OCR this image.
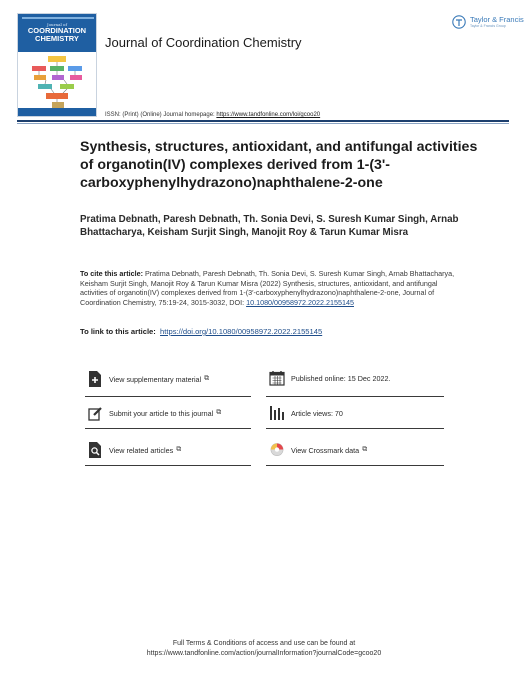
Journal of
COORDINATION
CHEMISTRY	Journal of Coordination Chemistry
Taylor & Francis
Taylor & Francis Group
ISSN: (Print) (Online) Journal homepage: https://www.tandfonline.com/loi/gcoo20
Synthesis, structures, antioxidant, and antifungal activities of organotin(IV) complexes derived from 1-(3'-carboxyphenylhydrazono)naphthalene-2-one
Pratima Debnath, Paresh Debnath, Th. Sonia Devi, S. Suresh Kumar Singh, Arnab Bhattacharya, Keisham Surjit Singh, Manojit Roy & Tarun Kumar Misra
To cite this article: Pratima Debnath, Paresh Debnath, Th. Sonia Devi, S. Suresh Kumar Singh, Arnab Bhattacharya, Keisham Surjit Singh, Manojit Roy & Tarun Kumar Misra (2022) Synthesis, structures, antioxidant, and antifungal activities of organotin(IV) complexes derived from 1-(3′-carboxyphenylhydrazono)naphthalene-2-one, Journal of Coordination Chemistry, 75:19-24, 3015-3032, DOI: 10.1080/00958972.2022.2155145
To link to this article: https://doi.org/10.1080/00958972.2022.2155145
View supplementary material ⧉	Published online: 15 Dec 2022.
Submit your article to this journal ⧉	Article views: 70
View related articles ⧉	View Crossmark data ⧉
Full Terms & Conditions of access and use can be found at
https://www.tandfonline.com/action/journalInformation?journalCode=gcoo20
